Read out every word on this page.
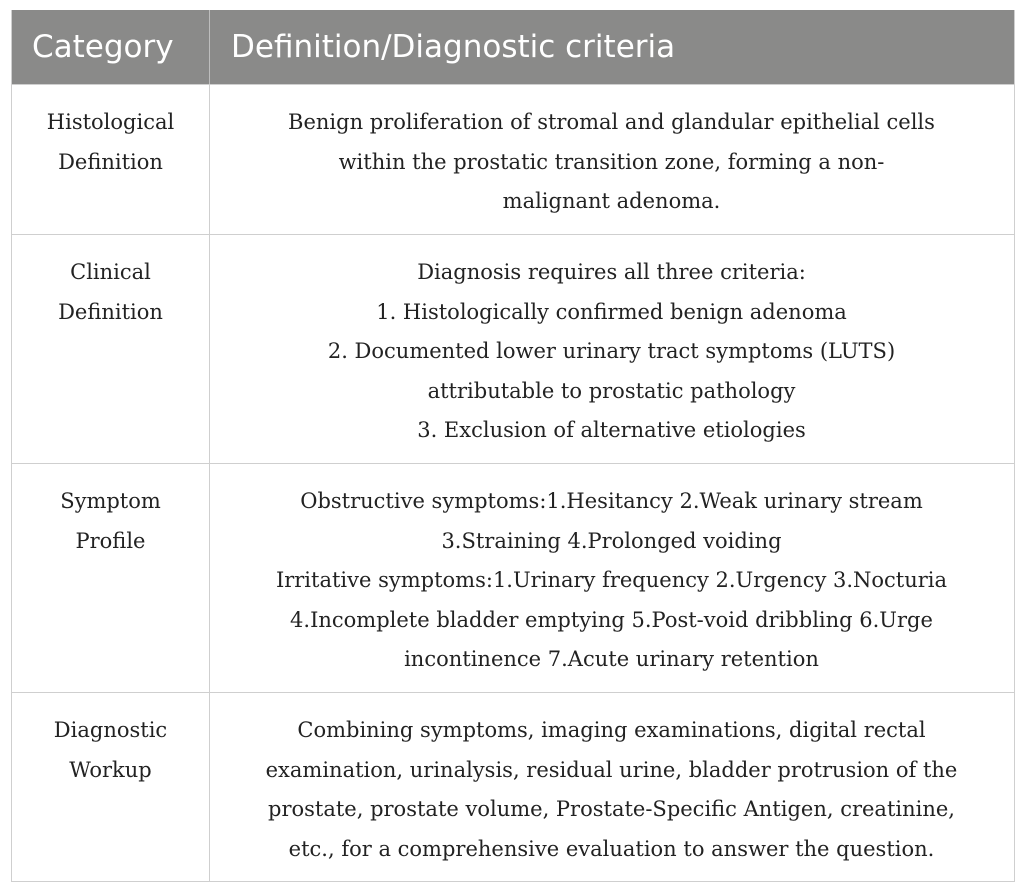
Category	Definition/Diagnostic criteria
Histological
Definition
Benign proliferation of stromal and glandular epithelial cells
within the prostatic transition zone, forming a non-
malignant adenoma.
Clinical
Definition
Diagnosis requires all three criteria:
1. Histologically confirmed benign adenoma
2. Documented lower urinary tract symptoms (LUTS)
attributable to prostatic pathology
3. Exclusion of alternative etiologies
Symptom
Profile
Obstructive symptoms:1.Hesitancy 2.Weak urinary stream
3.Straining 4.Prolonged voiding
Irritative symptoms:1.Urinary frequency 2.Urgency 3.Nocturia
4.Incomplete bladder emptying 5.Post-void dribbling 6.Urge
incontinence 7.Acute urinary retention
Diagnostic
Workup
Combining symptoms, imaging examinations, digital rectal
examination, urinalysis, residual urine, bladder protrusion of the
prostate, prostate volume, Prostate-Specific Antigen, creatinine,
etc., for a comprehensive evaluation to answer the question.
